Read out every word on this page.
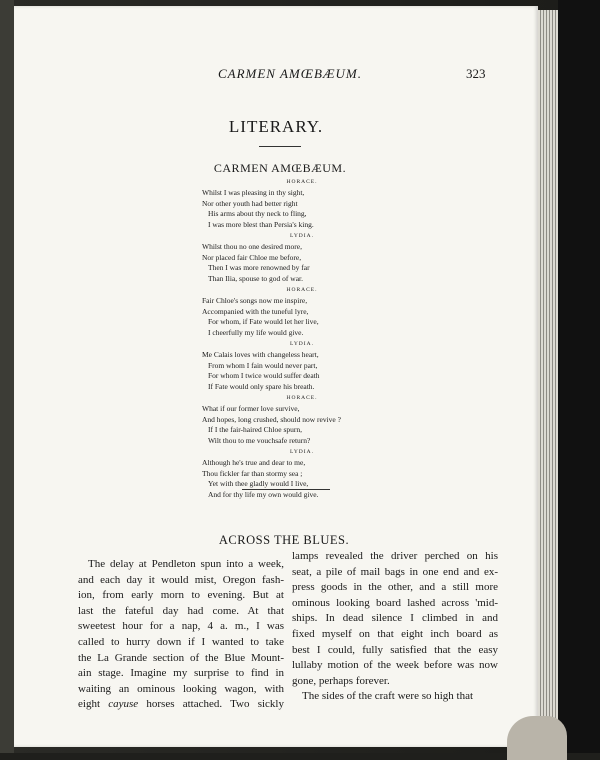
CARMEN AMŒBÆUM.	323
LITERARY.
CARMEN AMŒBÆUM.

HORACE.

Whilst I was pleasing in thy sight,

Nor other youth had better right

His arms about thy neck to fling,

I was more blest than Persia's king.

LYDIA.

Whilst thou no one desired more,

Nor placed fair Chloe me before,

Then I was more renowned by far

Than Ilia, spouse to god of war.

HORACE.

Fair Chloe's songs now me inspire,

Accompanied with the tuneful lyre,

For whom, if Fate would let her live,

I cheerfully my life would give.

LYDIA.

Me Calais loves with changeless heart,

From whom I fain would never part,

For whom I twice would suffer death

If Fate would only spare his breath.

HORACE.

What if our former love survive,

And hopes, long crushed, should now revive ?

If I the fair-haired Chloe spurn,

Wilt thou to me vouchsafe return?

LYDIA.

Although he's true and dear to me,

Thou fickler far than stormy sea ;

Yet with thee gladly would I live,

And for thy life my own would give.

ACROSS THE BLUES.
The delay at Pendleton spun into a week,
and each day it would mist, Oregon fash-
ion, from early morn to evening. But at
last the fateful day had come. At that
sweetest hour for a nap, 4 a. m., I was
called to hurry down if I wanted to take
the La Grande section of the Blue Mount-
ain stage. Imagine my surprise to find in
waiting an ominous looking wagon, with
eight cayuse horses attached. Two sickly
lamps revealed the driver perched on his
seat, a pile of mail bags in one end and ex-
press goods in the other, and a still more
ominous looking board lashed across 'mid-
ships. In dead silence I climbed in and
fixed myself on that eight inch board as
best I could, fully satisfied that the easy
lullaby motion of the week before was now
gone, perhaps forever.
The sides of the craft were so high that
